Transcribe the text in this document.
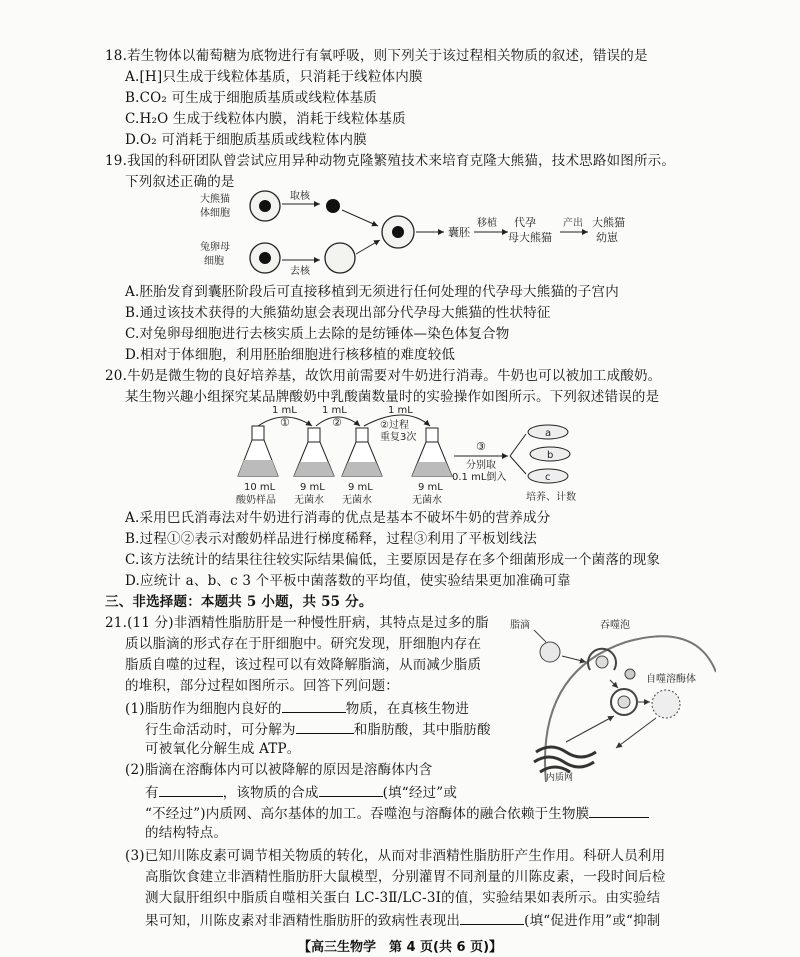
18.若生物体以葡萄糖为底物进行有氧呼吸，则下列关于该过程相关物质的叙述，错误的是
A.[H]只生成于线粒体基质，只消耗于线粒体内膜
B.CO₂ 可生成于细胞质基质或线粒体基质
C.H₂O 生成于线粒体内膜，消耗于线粒体基质
D.O₂ 可消耗于细胞质基质或线粒体内膜
19.我国的科研团队曾尝试应用异种动物克隆繁殖技术来培育克隆大熊猫，技术思路如图所示。
下列叙述正确的是
大熊猫
体细胞
取核
兔卵母
细胞
去核
囊胚
移植 代孕
母大熊猫
产出 大熊猫
幼崽
A.胚胎发育到囊胚阶段后可直接移植到无须进行任何处理的代孕母大熊猫的子宫内
B.通过该技术获得的大熊猫幼崽会表现出部分代孕母大熊猫的性状特征
C.对兔卵母细胞进行去核实质上去除的是纺锤体—染色体复合物
D.相对于体细胞，利用胚胎细胞进行核移植的难度较低
20.牛奶是微生物的良好培养基，故饮用前需要对牛奶进行消毒。牛奶也可以被加工成酸奶。
某生物兴趣小组探究某品牌酸奶中乳酸菌数量时的实验操作如图所示。下列叙述错误的是
1 mL	1 mL	1 mL
①	②	②过程
重复3次
10 mL
酸奶样品
9 mL
无菌水
9 mL
无菌水
9 mL
无菌水
③
分别取
0.1 mL倒入
a
b
c
培养、计数
A.采用巴氏消毒法对牛奶进行消毒的优点是基本不破坏牛奶的营养成分
B.过程①②表示对酸奶样品进行梯度稀释，过程③利用了平板划线法
C.该方法统计的结果往往较实际结果偏低，主要原因是存在多个细菌形成一个菌落的现象
D.应统计 a、b、c 3 个平板中菌落数的平均值，使实验结果更加准确可靠
三、非选择题：本题共 5 小题，共 55 分。
21.(11 分)非酒精性脂肪肝是一种慢性肝病，其特点是过多的脂
质以脂滴的形式存在于肝细胞中。研究发现，肝细胞内存在
脂质自噬的过程，该过程可以有效降解脂滴，从而减少脂质
的堆积，部分过程如图所示。回答下列问题：
(1)脂肪作为细胞内良好的	物质，在真核生物进
行生命活动时，可分解为	和脂肪酸，其中脂肪酸
可被氧化分解生成 ATP。
(2)脂滴在溶酶体内可以被降解的原因是溶酶体内含
有	，该物质的合成	(填“经过”或
“不经过”)内质网、高尔基体的加工。吞噬泡与溶酶体的融合依赖于生物膜
的结构特点。
(3)已知川陈皮素可调节相关物质的转化，从而对非酒精性脂肪肝产生作用。科研人员利用
高脂饮食建立非酒精性脂肪肝大鼠模型，分别灌胃不同剂量的川陈皮素，一段时间后检
测大鼠肝组织中脂质自噬相关蛋白 LC-3Ⅱ/LC-3Ⅰ的值，实验结果如表所示。由实验结
脂滴	吞噬泡
自噬溶酶体
内质网
果可知，川陈皮素对非酒精性脂肪肝的致病性表现出	(填“促进作用”或“抑制
【高三生物学　第 4 页(共 6 页)】
